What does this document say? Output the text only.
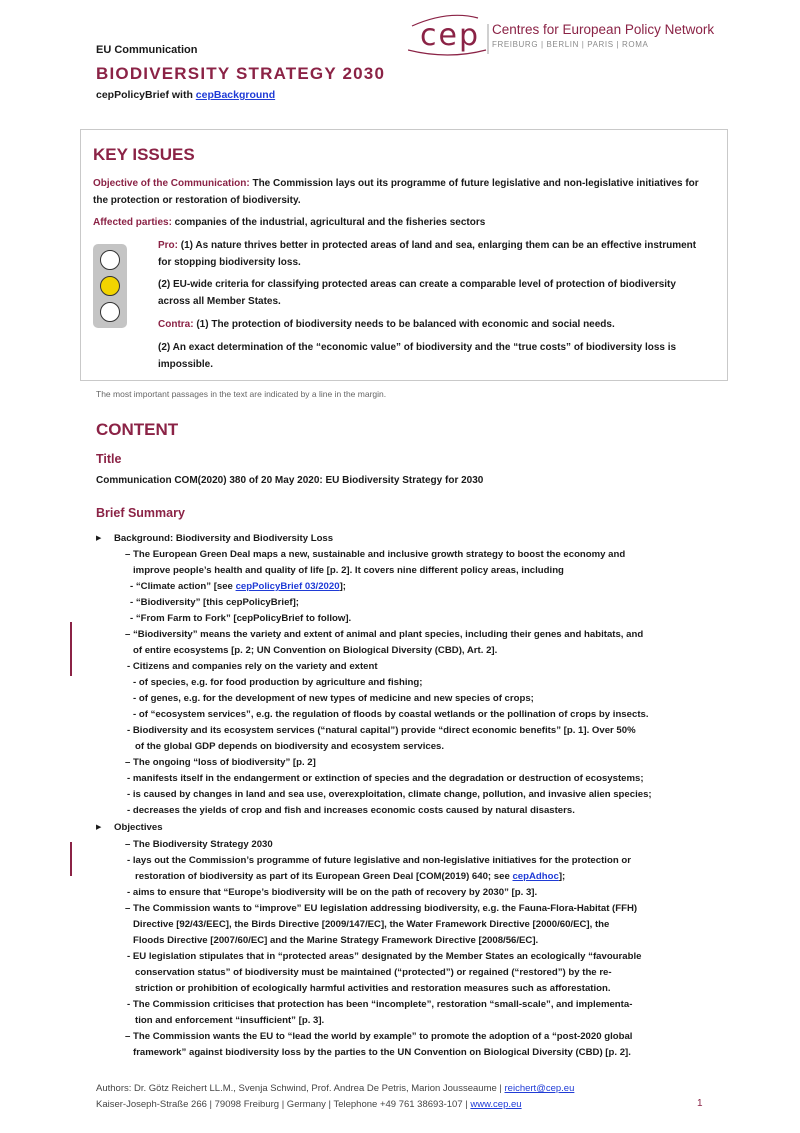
EU Communication
BIODIVERSITY STRATEGY 2030
cepPolicyBrief with cepBackground
cep Centres for European Policy Network
FREIBURG | BERLIN | PARIS | ROMA
KEY ISSUES
Objective of the Communication: The Commission lays out its programme of future legislative and non-legislative initiatives for the protection or restoration of biodiversity.
Affected parties: companies of the industrial, agricultural and the fisheries sectors
Pro: (1) As nature thrives better in protected areas of land and sea, enlarging them can be an effective instrument for stopping biodiversity loss.
(2) EU-wide criteria for classifying protected areas can create a comparable level of protection of biodiversity across all Member States.
Contra: (1) The protection of biodiversity needs to be balanced with economic and social needs.
(2) An exact determination of the “economic value” of biodiversity and the “true costs” of biodiversity loss is impossible.
The most important passages in the text are indicated by a line in the margin.
CONTENT
Title
Communication COM(2020) 380 of 20 May 2020: EU Biodiversity Strategy for 2030
Brief Summary
▶ Background: Biodiversity and Biodiversity Loss
– The European Green Deal maps a new, sustainable and inclusive growth strategy to boost the economy and
improve people’s health and quality of life [p. 2]. It covers nine different policy areas, including
- “Climate action” [see cepPolicyBrief 03/2020];
- “Biodiversity” [this cepPolicyBrief];
- “From Farm to Fork” [cepPolicyBrief to follow].
– “Biodiversity” means the variety and extent of animal and plant species, including their genes and habitats, and
of entire ecosystems [p. 2; UN Convention on Biological Diversity (CBD), Art. 2].
- Citizens and companies rely on the variety and extent
- of species, e.g. for food production by agriculture and fishing;
- of genes, e.g. for the development of new types of medicine and new species of crops;
- of “ecosystem services”, e.g. the regulation of floods by coastal wetlands or the pollination of crops by insects.
- Biodiversity and its ecosystem services (“natural capital”) provide “direct economic benefits” [p. 1]. Over 50%
of the global GDP depends on biodiversity and ecosystem services.
– The ongoing “loss of biodiversity” [p. 2]
- manifests itself in the endangerment or extinction of species and the degradation or destruction of ecosystems;
- is caused by changes in land and sea use, overexploitation, climate change, pollution, and invasive alien species;
- decreases the yields of crop and fish and increases economic costs caused by natural disasters.
▶ Objectives
– The Biodiversity Strategy 2030
- lays out the Commission’s programme of future legislative and non-legislative initiatives for the protection or
restoration of biodiversity as part of its European Green Deal [COM(2019) 640; see cepAdhoc];
- aims to ensure that “Europe’s biodiversity will be on the path of recovery by 2030” [p. 3].
– The Commission wants to “improve” EU legislation addressing biodiversity, e.g. the Fauna-Flora-Habitat (FFH)
Directive [92/43/EEC], the Birds Directive [2009/147/EC], the Water Framework Directive [2000/60/EC], the
Floods Directive [2007/60/EC] and the Marine Strategy Framework Directive [2008/56/EC].
- EU legislation stipulates that in “protected areas” designated by the Member States an ecologically “favourable
conservation status” of biodiversity must be maintained (“protected”) or regained (“restored”) by the re-
striction or prohibition of ecologically harmful activities and restoration measures such as afforestation.
- The Commission criticises that protection has been “incomplete”, restoration “small-scale”, and implementa-
tion and enforcement “insufficient” [p. 3].
– The Commission wants the EU to “lead the world by example” to promote the adoption of a “post-2020 global
framework” against biodiversity loss by the parties to the UN Convention on Biological Diversity (CBD) [p. 2].
Authors: Dr. Götz Reichert LL.M., Svenja Schwind, Prof. Andrea De Petris, Marion Jousseaume | reichert@cep.eu
Kaiser-Joseph-Straße 266 | 79098 Freiburg | Germany | Telephone +49 761 38693-107 | www.cep.eu	1
